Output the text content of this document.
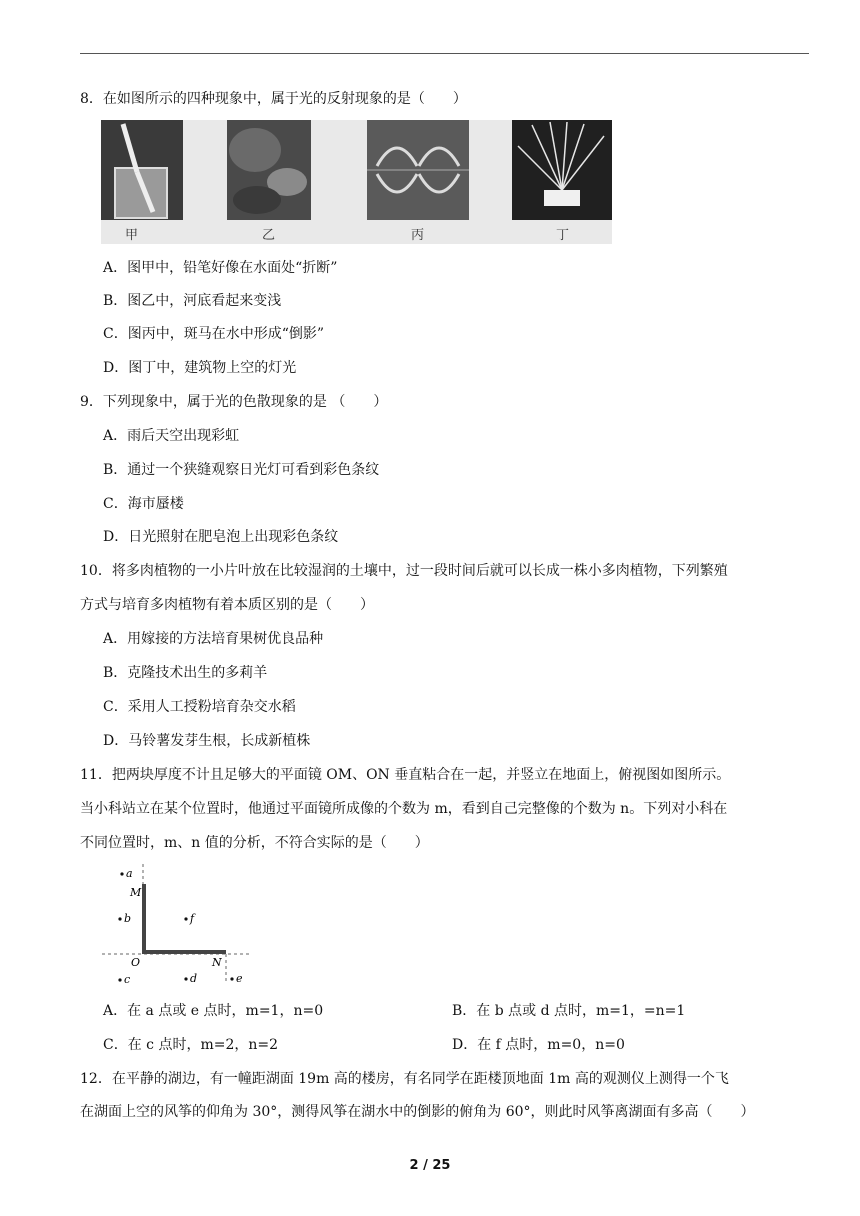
8．在如图所示的四种现象中，属于光的反射现象的是（　　）
甲	乙	丙	丁
A．图甲中，铅笔好像在水面处“折断”
B．图乙中，河底看起来变浅
C．图丙中，斑马在水中形成“倒影”
D．图丁中，建筑物上空的灯光
9．下列现象中，属于光的色散现象的是 （　　）
A．雨后天空出现彩虹
B．通过一个狭缝观察日光灯可看到彩色条纹
C．海市蜃楼
D．日光照射在肥皂泡上出现彩色条纹
10．将多肉植物的一小片叶放在比较湿润的土壤中，过一段时间后就可以长成一株小多肉植物，下列繁殖
方式与培育多肉植物有着本质区别的是（　　）
A．用嫁接的方法培育果树优良品种
B．克隆技术出生的多莉羊
C．采用人工授粉培育杂交水稻
D．马铃薯发芽生根，长成新植株
11．把两块厚度不计且足够大的平面镜 OM、ON 垂直粘合在一起，并竖立在地面上，俯视图如图所示。
当小科站立在某个位置时，他通过平面镜所成像的个数为 m，看到自己完整像的个数为 n。下列对小科在
不同位置时，m、n 值的分析，不符合实际的是（　　）
a
b
c	d	e
f
M
N
O
A．在 a 点或 e 点时，m=1，n=0	B．在 b 点或 d 点时，m=1，=n=1
C．在 c 点时，m=2，n=2	D．在 f 点时，m=0，n=0
12．在平静的湖边，有一幢距湖面 19m 高的楼房，有名同学在距楼顶地面 1m 高的观测仪上测得一个飞
在湖面上空的风筝的仰角为 30°，测得风筝在湖水中的倒影的俯角为 60°，则此时风筝离湖面有多高（　　）
2 / 25
